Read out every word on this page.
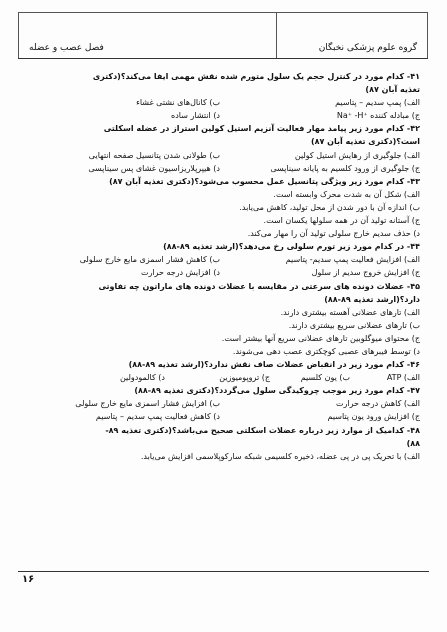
گروه علوم پزشکی نخبگان
فصل عصب و عضله
۴۱- کدام مورد در کنترل حجم یک سلول متورم شده نقش مهمی ایفا می‌کند؟(دکتری
تغذیه آبان ۸۷)
الف) پمپ سدیم – پتاسیم
ب) کانال‌های نشتی غشاء
ج) مبادله کننده ⁺Na⁺ -H
د) انتشار ساده
۴۲- کدام مورد زیر پیامد مهار فعالیت آنزیم استیل کولین استراز در عضله اسکلتی
است؟(دکتری تغذیه آبان ۸۷)
الف) جلوگیری از رهایش استیل کولین
ب) طولانی شدن پتانسیل صفحه انتهایی
ج) جلوگیری از ورود کلسیم به پایانه سیناپسی
د) هیپرپلاریزاسیون غشای پس سیناپسی
۴۳- کدام مورد زیر ویژگی پتانسیل عمل محسوب می‌شود؟(دکتری تغذیه آبان ۸۷)
الف) شکل آن به شدت محرک وابسته است.
ب) اندازه آن با دور شدن از محل تولید، کاهش می‌یابد.
ج) آستانه تولید آن در همه سلولها یکسان است.
د) حذف سدیم خارج سلولی تولید آن را مهار می‌کند.
۴۴- در کدام مورد زیر تورم سلولی رخ می‌دهد؟(ارشد تغذیه ۸۹-۸۸)
الف) افزایش فعالیت پمپ سدیم- پتاسیم
ب) کاهش فشار اسمزی مایع خارج سلولی
ج) افزایش خروج سدیم از سلول
د) افزایش درجه حرارت
۴۵- عضلات دونده های سرعتی در مقایسه با عضلات دونده های ماراتون چه تفاوتی
دارد؟(ارشد تغذیه ۸۹-۸۸)
الف) تارهای عضلانی آهسته بیشتری دارند.
ب) تارهای عضلانی سریع بیشتری دارند.
ج) محتوای میوگلوبین تارهای عضلانی سریع آنها بیشتر است.
د) توسط فیبرهای عصبی کوچکتری عصب دهی می‌شوند.
۴۶- کدام مورد زیر در انقباض عضلات صاف نقش ندارد؟(ارشد تغذیه ۸۹-۸۸)
الف) ATP
ب) یون کلسیم
ج) تروپومیوزین
د) کالمودولین
۴۷- کدام مورد زیر موجب چروکیدگی سلول می‌گردد؟(دکتری تغذیه ۸۹-۸۸)
الف) کاهش درجه حرارت
ب) افزایش فشار اسمزی مایع خارج سلولی
ج) افزایش ورود یون پتاسیم
د) کاهش فعالیت پمپ سدیم – پتاسیم
۴۸- کدامیک از موارد زیر درباره عضلات اسکلتی صحیح می‌باشد؟(دکتری تغذیه ۸۹-
۸۸)
الف) با تحریک پی در پی عضله، ذخیره کلسیمی شبکه سارکوپلاسمی افزایش می‌یابد.
۱۶
